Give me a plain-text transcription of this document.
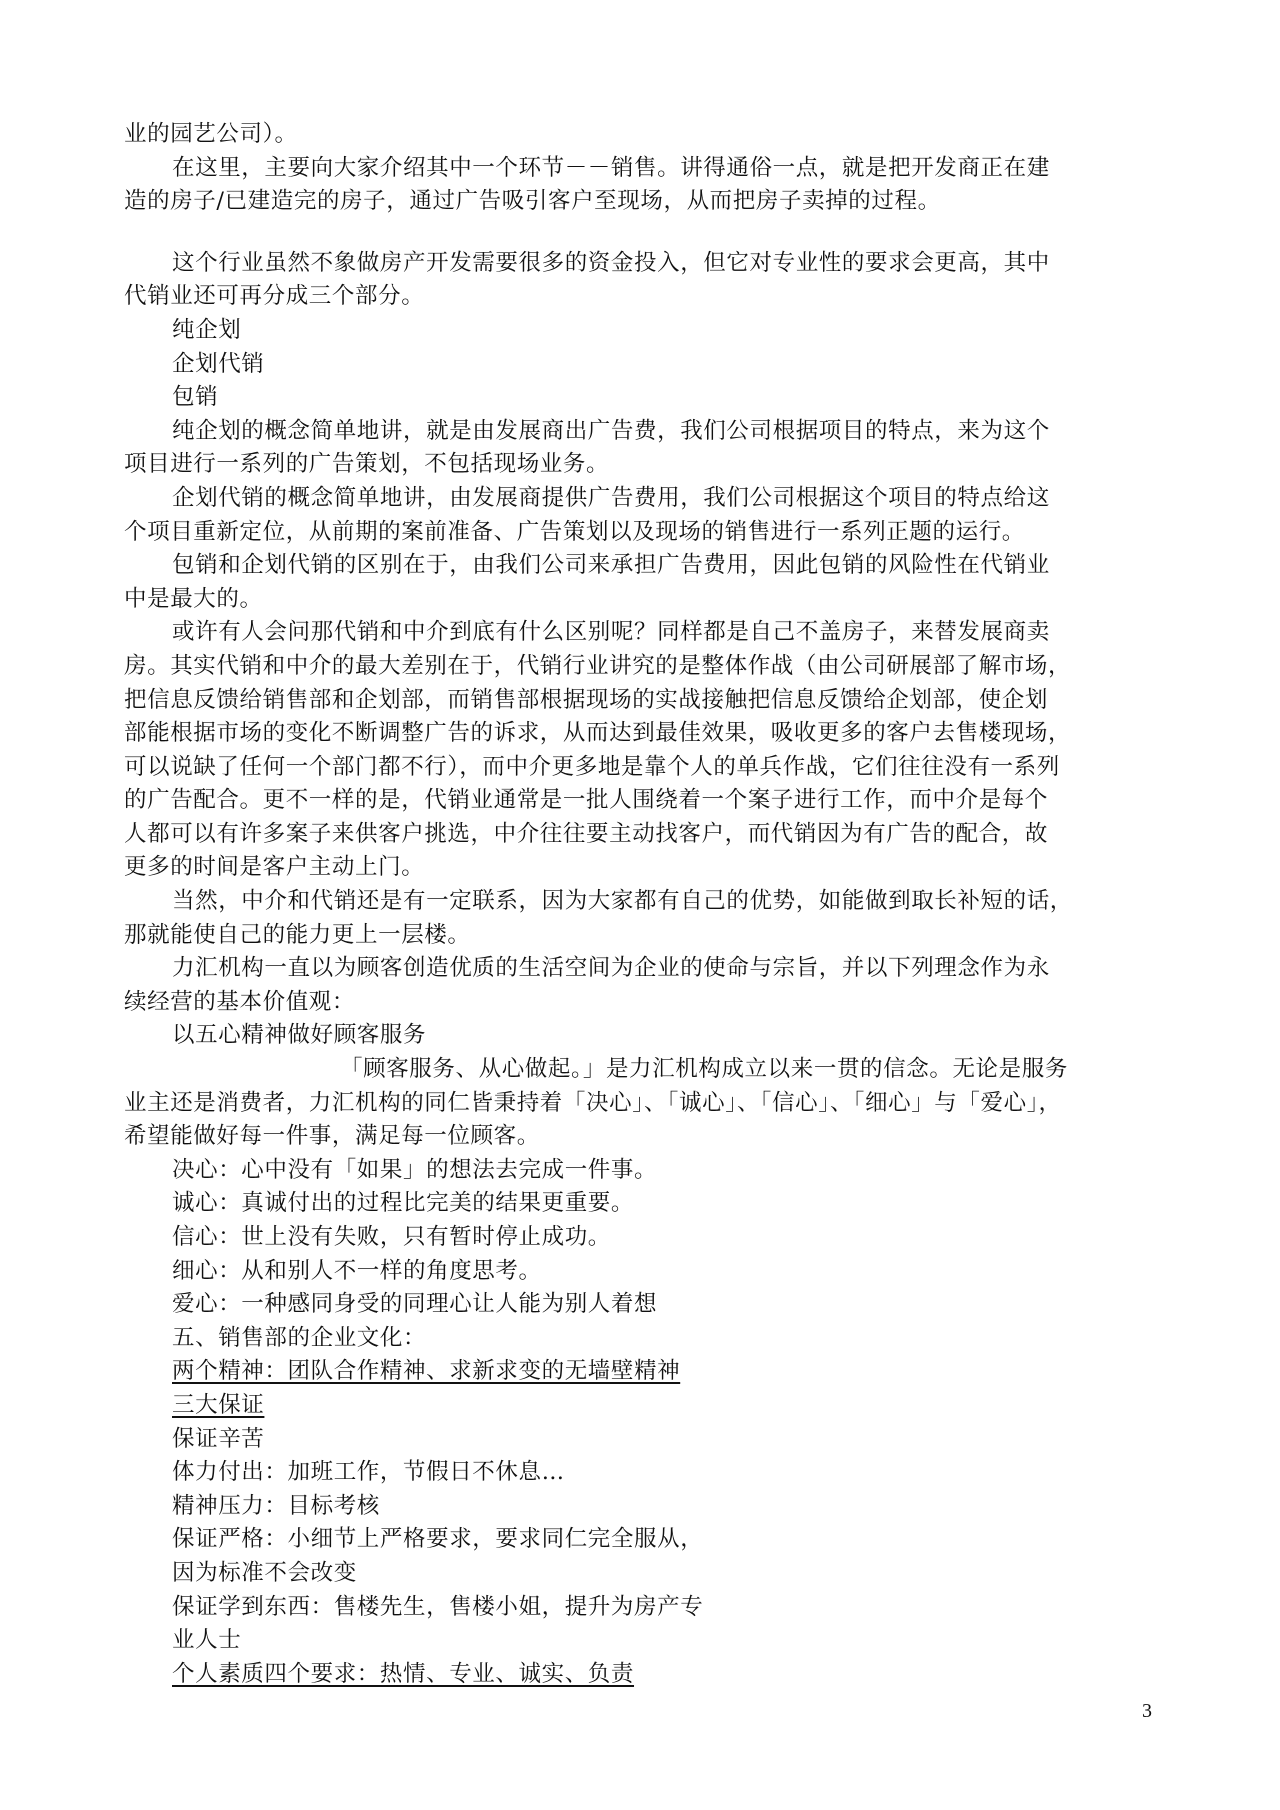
业的园艺公司）。
在这里，主要向大家介绍其中一个环节－－销售。讲得通俗一点，就是把开发商正在建
造的房子/已建造完的房子，通过广告吸引客户至现场，从而把房子卖掉的过程。
这个行业虽然不象做房产开发需要很多的资金投入，但它对专业性的要求会更高，其中
代销业还可再分成三个部分。
纯企划
企划代销
包销
纯企划的概念简单地讲，就是由发展商出广告费，我们公司根据项目的特点，来为这个
项目进行一系列的广告策划，不包括现场业务。
企划代销的概念简单地讲，由发展商提供广告费用，我们公司根据这个项目的特点给这
个项目重新定位，从前期的案前准备、广告策划以及现场的销售进行一系列正题的运行。
包销和企划代销的区别在于，由我们公司来承担广告费用，因此包销的风险性在代销业
中是最大的。
或许有人会问那代销和中介到底有什么区别呢？同样都是自己不盖房子，来替发展商卖
房。其实代销和中介的最大差别在于，代销行业讲究的是整体作战（由公司研展部了解市场，
把信息反馈给销售部和企划部，而销售部根据现场的实战接触把信息反馈给企划部，使企划
部能根据市场的变化不断调整广告的诉求，从而达到最佳效果，吸收更多的客户去售楼现场，
可以说缺了任何一个部门都不行），而中介更多地是靠个人的单兵作战，它们往往没有一系列
的广告配合。更不一样的是，代销业通常是一批人围绕着一个案子进行工作，而中介是每个
人都可以有许多案子来供客户挑选，中介往往要主动找客户，而代销因为有广告的配合，故
更多的时间是客户主动上门。
当然，中介和代销还是有一定联系，因为大家都有自己的优势，如能做到取长补短的话，
那就能使自己的能力更上一层楼。
力汇机构一直以为顾客创造优质的生活空间为企业的使命与宗旨，并以下列理念作为永
续经营的基本价值观：
以五心精神做好顾客服务
「顾客服务、从心做起。」是力汇机构成立以来一贯的信念。无论是服务
业主还是消费者，力汇机构的同仁皆秉持着「决心」、「诚心」、「信心」、「细心」与「爱心」，
希望能做好每一件事，满足每一位顾客。
决心：心中没有「如果」的想法去完成一件事。
诚心：真诚付出的过程比完美的结果更重要。
信心：世上没有失败，只有暂时停止成功。
细心：从和别人不一样的角度思考。
爱心：一种感同身受的同理心让人能为别人着想
五、销售部的企业文化：
两个精神：团队合作精神、求新求变的无墙壁精神
三大保证
保证辛苦
体力付出：加班工作，节假日不休息…
精神压力：目标考核
保证严格：小细节上严格要求，要求同仁完全服从，
因为标准不会改变
保证学到东西：售楼先生，售楼小姐，提升为房产专
业人士
个人素质四个要求：热情、专业、诚实、负责
3
